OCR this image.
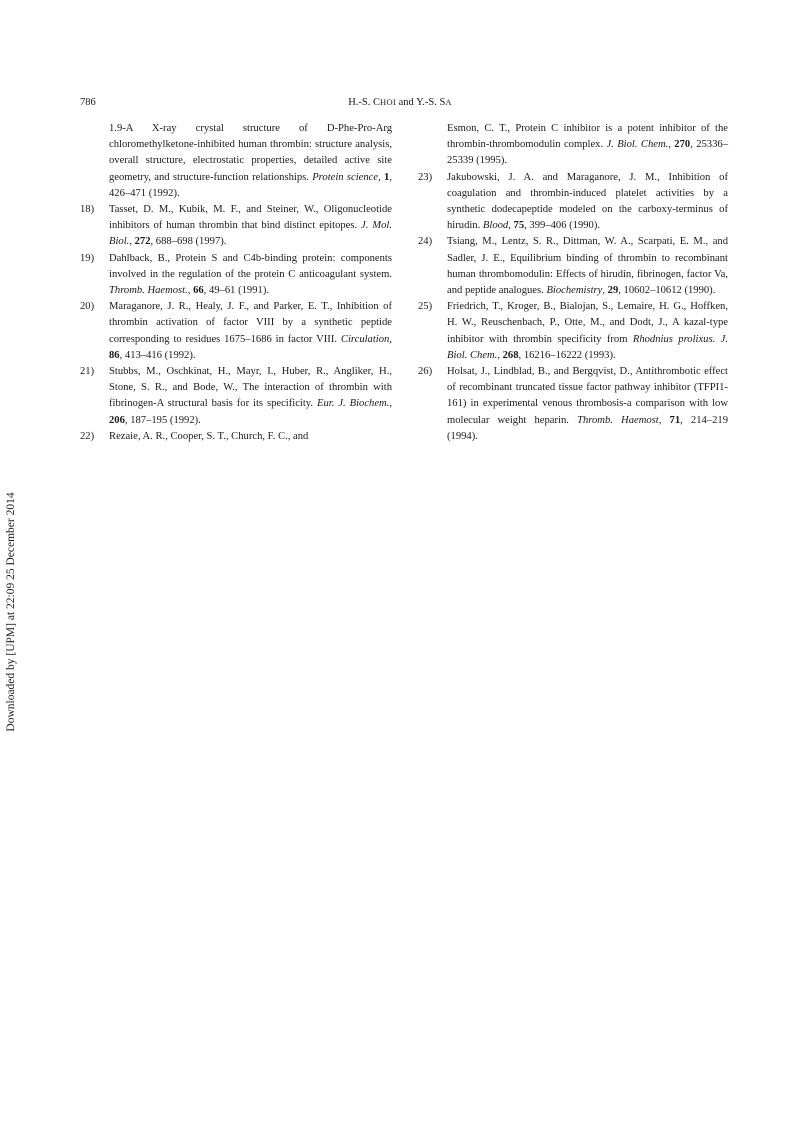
786	H.-S. CHOI and Y.-S. SA
Downloaded by [UPM] at 22:09 25 December 2014
1.9-A X-ray crystal structure of D-Phe-Pro-Arg chloromethylketone-inhibited human thrombin: structure analysis, overall structure, electrostatic properties, detailed active site geometry, and structure-function relationships. Protein science, 1, 426–471 (1992).
18)	Tasset, D. M., Kubik, M. F., and Steiner, W., Oligonucleotide inhibitors of human thrombin that bind distinct epitopes. J. Mol. Biol., 272, 688–698 (1997).
19)	Dahlback, B., Protein S and C4b-binding protein: components involved in the regulation of the protein C anticoagulant system. Thromb. Haemost., 66, 49–61 (1991).
20)	Maraganore, J. R., Healy, J. F., and Parker, E. T., Inhibition of thrombin activation of factor VIII by a synthetic peptide corresponding to residues 1675–1686 in factor VIII. Circulation, 86, 413–416 (1992).
21)	Stubbs, M., Oschkinat, H., Mayr, I., Huber, R., Angliker, H., Stone, S. R., and Bode, W., The interaction of thrombin with fibrinogen-A structural basis for its specificity. Eur. J. Biochem., 206, 187–195 (1992).
22)	Rezaie, A. R., Cooper, S. T., Church, F. C., and
Esmon, C. T., Protein C inhibitor is a potent inhibitor of the thrombin-thrombomodulin complex. J. Biol. Chem., 270, 25336–25339 (1995).
23)	Jakubowski, J. A. and Maraganore, J. M., Inhibition of coagulation and thrombin-induced platelet activities by a synthetic dodecapeptide modeled on the carboxy-terminus of hirudin. Blood, 75, 399–406 (1990).
24)	Tsiang, M., Lentz, S. R., Dittman, W. A., Scarpati, E. M., and Sadler, J. E., Equilibrium binding of thrombin to recombinant human thrombomodulin: Effects of hirudin, fibrinogen, factor Va, and peptide analogues. Biochemistry, 29, 10602–10612 (1990).
25)	Friedrich, T., Kroger, B., Bialojan, S., Lemaire, H. G., Hoffken, H. W., Reuschenbach, P., Otte, M., and Dodt, J., A kazal-type inhibitor with thrombin specificity from Rhodnius prolixus. J. Biol. Chem., 268, 16216–16222 (1993).
26)	Holsat, J., Lindblad, B., and Bergqvist, D., Antithrombotic effect of recombinant truncated tissue factor pathway inhibitor (TFPI1-161) in experimental venous thrombosis-a comparison with low molecular weight heparin. Thromb. Haemost, 71, 214–219 (1994).
